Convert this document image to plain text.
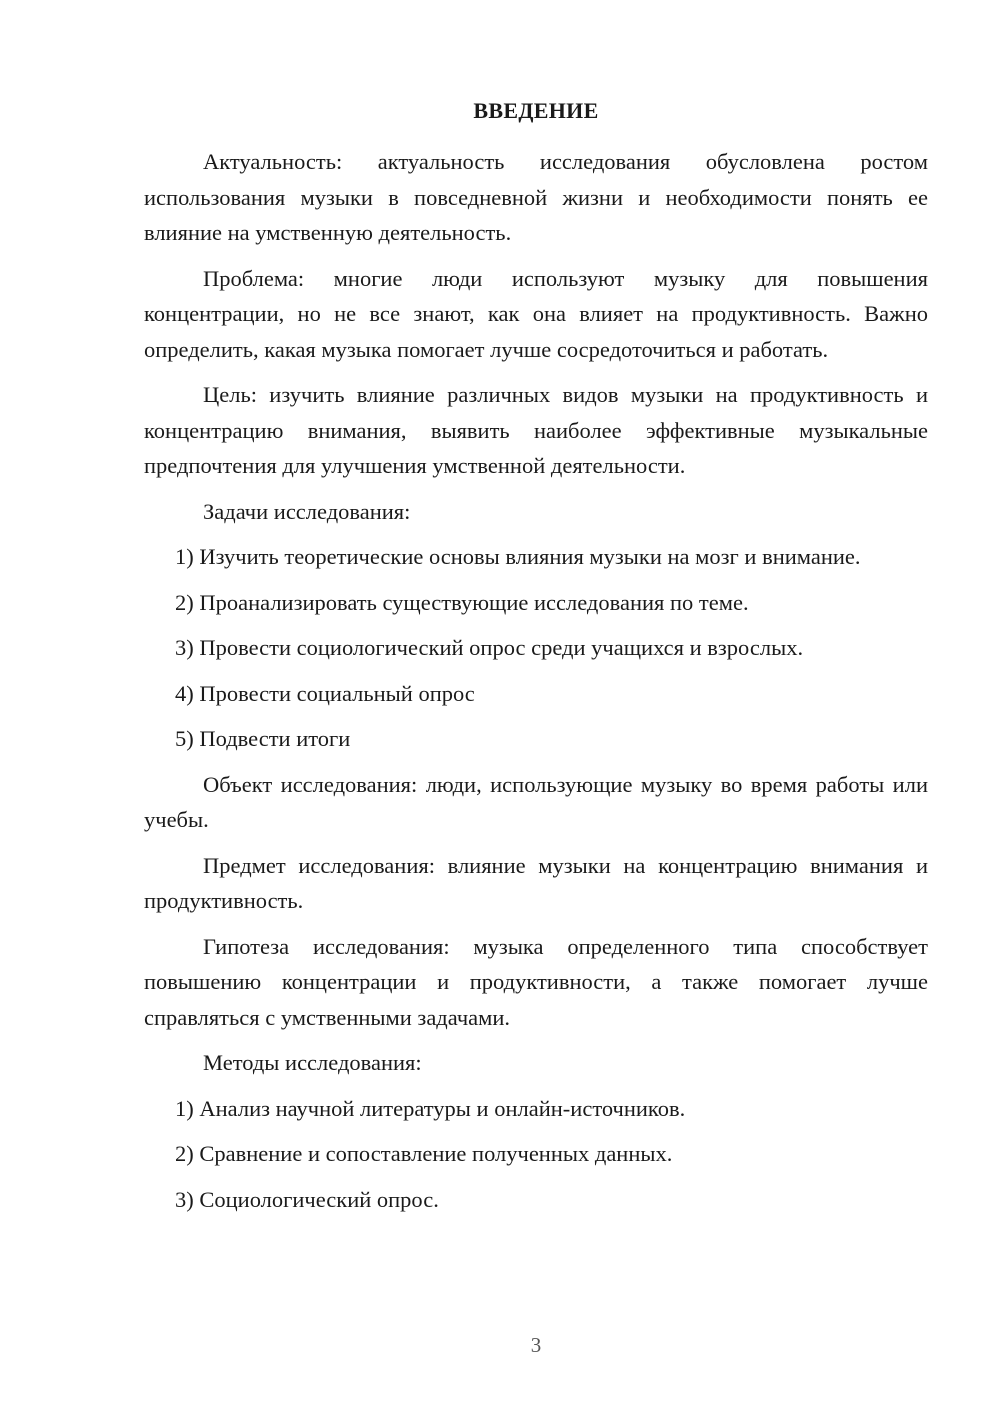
ВВЕДЕНИЕ

Актуальность: актуальность исследования обусловлена ростом использования музыки в повседневной жизни и необходимости понять ее влияние на умственную деятельность.

Проблема: многие люди используют музыку для повышения концентрации, но не все знают, как она влияет на продуктивность. Важно определить, какая музыка помогает лучше сосредоточиться и работать.

Цель: изучить влияние различных видов музыки на продуктивность и концентрацию внимания, выявить наиболее эффективные музыкальные предпочтения для улучшения умственной деятельности.

Задачи исследования:

1) Изучить теоретические основы влияния музыки на мозг и внимание.

2) Проанализировать существующие исследования по теме.

3) Провести социологический опрос среди учащихся и взрослых.

4) Провести социальный опрос

5) Подвести итоги

Объект исследования: люди, использующие музыку во время работы или учебы.

Предмет исследования: влияние музыки на концентрацию внимания и продуктивность.

Гипотеза исследования: музыка определенного типа способствует повышению концентрации и продуктивности, а также помогает лучше справляться с умственными задачами.

Методы исследования:

1) Анализ научной литературы и онлайн-источников.

2) Сравнение и сопоставление полученных данных.

3) Социологический опрос.

3
